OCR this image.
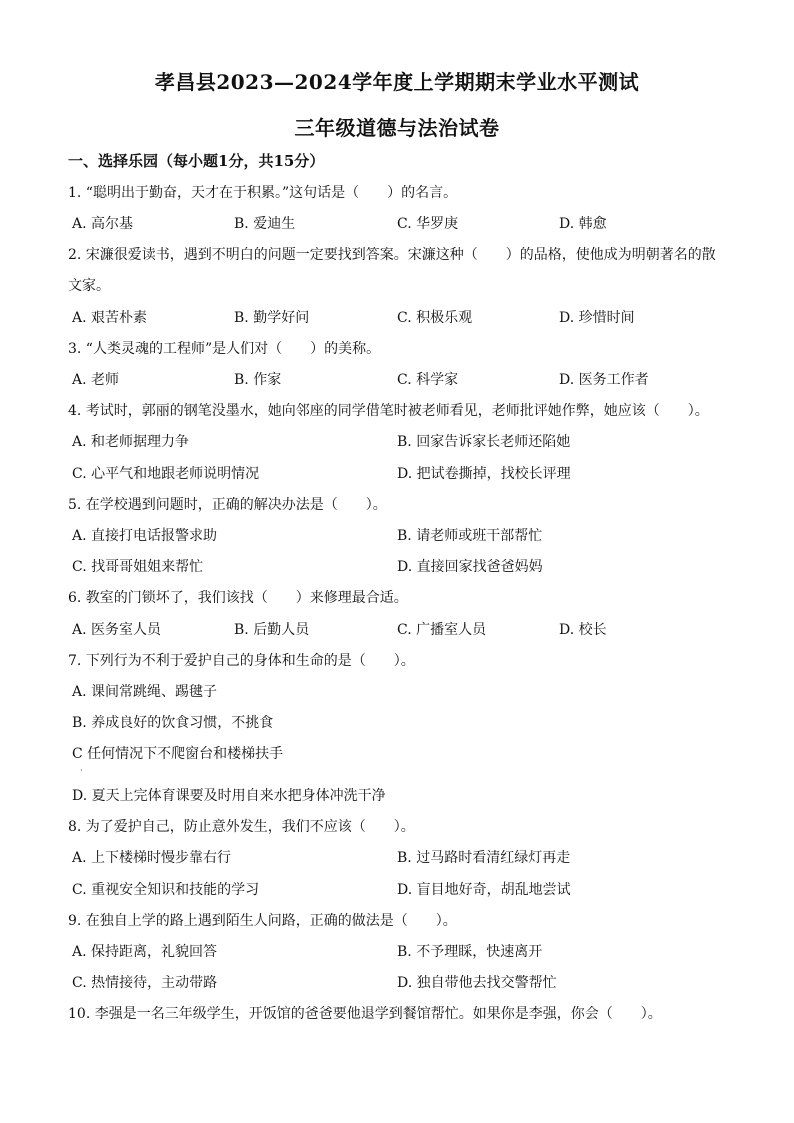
孝昌县2023—2024学年度上学期期末学业水平测试
三年级道德与法治试卷
一、选择乐园（每小题1分，共15分）
1. “聪明出于勤奋，天才在于积累。”这句话是（　　）的名言。
A. 高尔基	B. 爱迪生	C. 华罗庚	D. 韩愈
2. 宋濂很爱读书，遇到不明白的问题一定要找到答案。宋濂这种（　　）的品格，使他成为明朝著名的散
文家。
A. 艰苦朴素	B. 勤学好问	C. 积极乐观	D. 珍惜时间
3. “人类灵魂的工程师”是人们对（　　）的美称。
A. 老师	B. 作家	C. 科学家	D. 医务工作者
4. 考试时，郭丽的钢笔没墨水，她向邻座的同学借笔时被老师看见，老师批评她作弊，她应该（　　）。
A. 和老师据理力争	B. 回家告诉家长老师还陷她
C. 心平气和地跟老师说明情况	D. 把试卷撕掉，找校长评理
5. 在学校遇到问题时，正确的解决办法是（　　）。
A. 直接打电话报警求助	B. 请老师或班干部帮忙
C. 找哥哥姐姐来帮忙	D. 直接回家找爸爸妈妈
6. 教室的门锁坏了，我们该找（　　）来修理最合适。
A. 医务室人员	B. 后勤人员	C. 广播室人员	D. 校长
7. 下列行为不利于爱护自己的身体和生命的是（　　）。
A. 课间常跳绳、踢毽子
B. 养成良好的饮食习惯，不挑食
C 任何情况下不爬窗台和楼梯扶手
·
D. 夏天上完体育课要及时用自来水把身体冲洗干净
8. 为了爱护自己，防止意外发生，我们不应该（　　）。
A. 上下楼梯时慢步靠右行	B. 过马路时看清红绿灯再走
C. 重视安全知识和技能的学习	D. 盲目地好奇，胡乱地尝试
9. 在独自上学的路上遇到陌生人问路，正确的做法是（　　）。
A. 保持距离，礼貌回答	B. 不予理睬，快速离开
C. 热情接待，主动带路	D. 独自带他去找交警帮忙
10. 李强是一名三年级学生，开饭馆的爸爸要他退学到餐馆帮忙。如果你是李强，你会（　　）。
